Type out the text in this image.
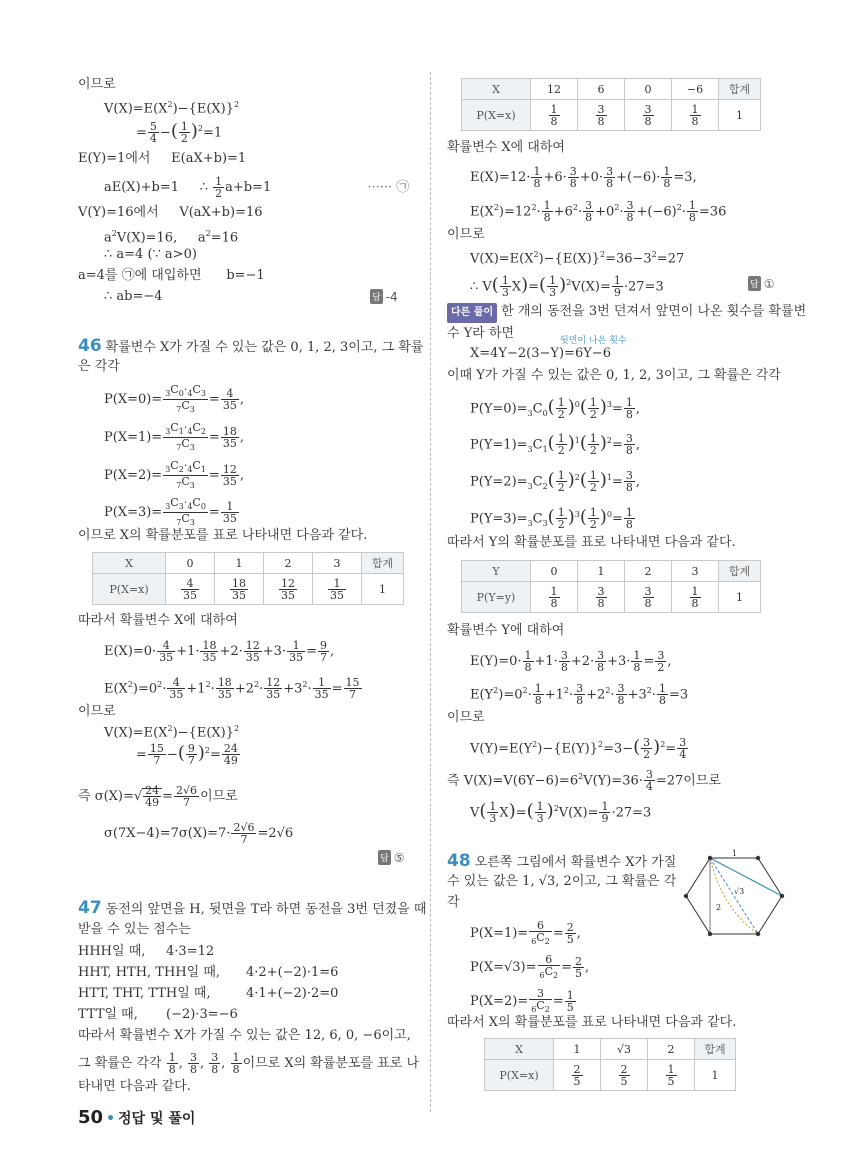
이므로
$V(X)=E(X^2)-\{E(X)\}^2$
= $\frac{5}{4}$ −( $\frac{1}{2} )^2=1$
E(Y)=1에서     E(aX+b)=1
aE(X)+b=1     ∴ $\frac{1}{2} a+b=1$	······ ㉠
V(Y)=16에서     V(aX+b)=16
$a^2V(X)=16$,     $a^2=16$
∴ a=4 (∵ a>0)
a=4를 ㉠에 대입하면      b=−1
∴ ab=−4	답 -4
46 확률변수 X가 가질 수 있는 값은 0, 1, 2, 3이고, 그 확률
은 각각
$P(X=0)= \frac{_3C_0\cdot_4C_3}{_7C_3} = \frac{4}{35}$ ,
$P(X=1)= \frac{_3C_1\cdot_4C_2}{_7C_3} = \frac{18}{35}$ ,
$P(X=2)= \frac{_3C_2\cdot_4C_1}{_7C_3} = \frac{12}{35}$ ,
$P(X=3)= \frac{_3C_3\cdot_4C_0}{_7C_3} = \frac{1}{35}$
이므로 X의 확률분포를 표로 나타내면 다음과 같다.
X	0	1	2	3	합계
P(X=x)	$\frac{4}{35}$	$\frac{18}{35}$	$\frac{12}{35}$	$\frac{1}{35}$	1
따라서 확률변수 X에 대하여
$E(X)=0\cdot \frac{4}{35} +1\cdot \frac{18}{35} +2\cdot \frac{12}{35} +3\cdot \frac{1}{35} = \frac{9}{7}$ ,
$E(X^2)=0^2\cdot \frac{4}{35} +1^2\cdot \frac{18}{35} +2^2\cdot \frac{12}{35} +3^2\cdot \frac{1}{35} = \frac{15}{7}$
이므로
$V(X)=E(X^2)-\{E(X)\}^2$
= $\frac{15}{7}$ −( $\frac{9}{7} )^2= \frac{24}{49}$
즉 $\sigma(X)=√ \frac{24}{49} = \frac{2√6}{7}$ 이므로
$\sigma(7X-4)=7\sigma(X)=7\cdot \frac{2√6}{7} =2√6$
답 ⑤
47 동전의 앞면을 H, 뒷면을 T라 하면 동전을 3번 던졌을 때
받을 수 있는 점수는
HHH일 때, 4·3=12
HHT, HTH, THH일 때, 4·2+(−2)·1=6
HTT, THT, TTH일 때,	4·1+(−2)·2=0
TTT일 때, (−2)·3=−6
따라서 확률변수 X가 가질 수 있는 값은 12, 6, 0, −6이고,
그 확률은 각각 $\frac{1}{8}$ , $\frac{3}{8}$ , $\frac{3}{8}$ , $\frac{1}{8}$ 이므로 X의 확률분포를 표로 나
타내면 다음과 같다.
X	12	6	0	−6	합계
P(X=x)	$\frac{1}{8}$	$\frac{3}{8}$	$\frac{3}{8}$	$\frac{1}{8}$	1
확률변수 X에 대하여
$E(X)=12\cdot \frac{1}{8} +6\cdot \frac{3}{8} +0\cdot \frac{3}{8} +(-6)\cdot \frac{1}{8} =3$,
$E(X^2)=12^2\cdot \frac{1}{8} +6^2\cdot \frac{3}{8} +0^2\cdot \frac{3}{8} +(-6)^2\cdot \frac{1}{8} =36$
이므로
$V(X)=E(X^2)-\{E(X)\}^2=36-3^2=27$
∴ $V( \frac{1}{3} X)=( \frac{1}{3} )^2V(X)= \frac{1}{9} \cdot 27=3$	답 ①
다른 풀이 한 개의 동전을 3번 던져서 앞면이 나온 횟수를 확률변
수 Y라 하면	뒷면이 나온 횟수
X=4Y−2(3−Y)=6Y−6
이때 Y가 가질 수 있는 값은 0, 1, 2, 3이고, 그 확률은 각각
$P(Y=0)=_3C_0( \frac{1}{2} )^0( \frac{1}{2} )^3= \frac{1}{8}$ ,
$P(Y=1)=_3C_1( \frac{1}{2} )^1( \frac{1}{2} )^2= \frac{3}{8}$ ,
$P(Y=2)=_3C_2( \frac{1}{2} )^2( \frac{1}{2} )^1= \frac{3}{8}$ ,
$P(Y=3)=_3C_3( \frac{1}{2} )^3( \frac{1}{2} )^0= \frac{1}{8}$
따라서 Y의 확률분포를 표로 나타내면 다음과 같다.
Y	0	1	2	3	합계
P(Y=y)	$\frac{1}{8}$	$\frac{3}{8}$	$\frac{3}{8}$	$\frac{1}{8}$	1
확률변수 Y에 대하여
$E(Y)=0\cdot \frac{1}{8} +1\cdot \frac{3}{8} +2\cdot \frac{3}{8} +3\cdot \frac{1}{8} = \frac{3}{2}$ ,
$E(Y^2)=0^2\cdot \frac{1}{8} +1^2\cdot \frac{3}{8} +2^2\cdot \frac{3}{8} +3^2\cdot \frac{1}{8} =3$
이므로
$V(Y)=E(Y^2)-\{E(Y)\}^2=3-( \frac{3}{2} )^2= \frac{3}{4}$
즉 $V(X)=V(6Y-6)=6^2V(Y)=36\cdot \frac{3}{4} =27$이므로
$V( \frac{1}{3} X)=( \frac{1}{3} )^2V(X)= \frac{1}{9} \cdot 27=3$
48 오른쪽 그림에서 확률변수 X가 가질
수 있는 값은 1, √3, 2이고, 그 확률은 각
각
$P(X=1)= \frac{6}{_6C_2} = \frac{2}{5}$ ,
$P(X=√3)= \frac{6}{_6C_2} = \frac{2}{5}$ ,
$P(X=2)= \frac{3}{_6C_2} = \frac{1}{5}$
따라서 X의 확률분포를 표로 나타내면 다음과 같다.
X	1	√3	2	합계
P(X=x)	$\frac{2}{5}$	$\frac{2}{5}$	$\frac{1}{5}$	1
1
√3
2
50 • 정답 및 풀이
